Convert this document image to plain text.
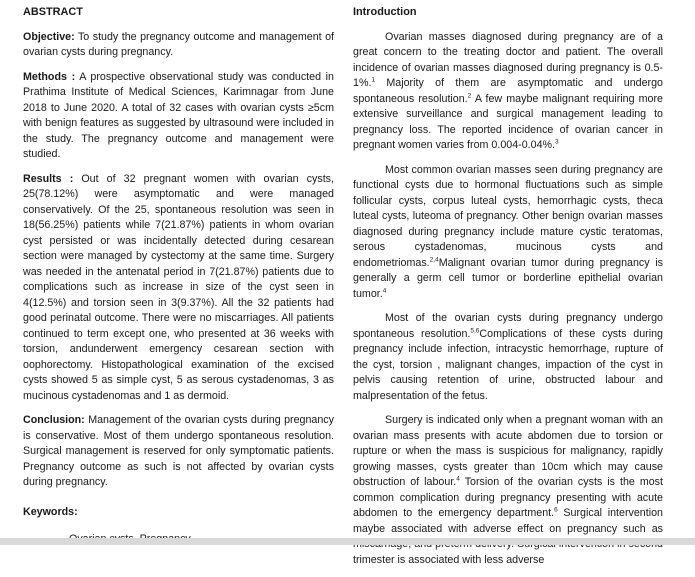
ABSTRACT
Objective: To study the pregnancy outcome and management of ovarian cysts during pregnancy.
Methods : A prospective observational study was conducted in Prathima Institute of Medical Sciences, Karimnagar from June 2018 to June 2020. A total of 32 cases with ovarian cysts ≥5cm with benign features as suggested by ultrasound were included in the study. The pregnancy outcome and management were studied.
Results : Out of 32 pregnant women with ovarian cysts, 25(78.12%) were asymptomatic and were managed conservatively. Of the 25, spontaneous resolution was seen in 18(56.25%) patients while 7(21.87%) patients in whom ovarian cyst persisted or was incidentally detected during cesarean section were managed by cystectomy at the same time. Surgery was needed in the antenatal period in 7(21.87%) patients due to complications such as increase in size of the cyst seen in 4(12.5%) and torsion seen in 3(9.37%). All the 32 patients had good perinatal outcome. There were no miscarriages. All patients continued to term except one, who presented at 36 weeks with torsion, andunderwent emergency cesarean section with oophorectomy. Histopathological examination of the excised cysts showed 5 as simple cyst, 5 as serous cystadenomas, 3 as mucinous cystadenomas and 1 as dermoid.
Conclusion: Management of the ovarian cysts during pregnancy is conservative. Most of them undergo spontaneous resolution. Surgical management is reserved for only symptomatic patients. Pregnancy outcome as such is not affected by ovarian cysts during pregnancy.
Keywords:
Introduction
Ovarian masses diagnosed during pregnancy are of a great concern to the treating doctor and patient. The overall incidence of ovarian masses diagnosed during pregnancy is 0.5-1%.$^1$ Majority of them are asymptomatic and undergo spontaneous resolution.$^2$ A few maybe malignant requiring more extensive surveillance and surgical management leading to pregnancy loss. The reported incidence of ovarian cancer in pregnant women varies from 0.004-0.04%.$^3$
Most common ovarian masses seen during pregnancy are functional cysts due to hormonal fluctuations such as simple follicular cysts, corpus luteal cysts, hemorrhagic cysts, theca luteal cysts, luteoma of pregnancy. Other benign ovarian masses diagnosed during pregnancy include mature cystic teratomas, serous cystadenomas, mucinous cysts and endometriomas.$^{2,4}$Malignant ovarian tumor during pregnancy is generally a germ cell tumor or borderline epithelial ovarian tumor.$^4$
Most of the ovarian cysts during pregnancy undergo spontaneous resolution.$^{5,6}$Complications of these cysts during pregnancy include infection, intracystic hemorrhage, rupture of the cyst, torsion , malignant changes, impaction of the cyst in pelvis causing retention of urine, obstructed labour and malpresentation of the fetus.
Surgery is indicated only when a pregnant woman with an ovarian mass presents with acute abdomen due to torsion or rupture or when the mass is suspicious for malignancy, rapidly growing masses, cysts greater than 10cm which may cause obstruction of labour.$^4$ Torsion of the ovarian cysts is the most common complication during pregnancy presenting with acute abdomen to the emergency department.$^6$ Surgical intervention maybe associated with adverse effect on pregnancy such as trimester is associated with less adverse
